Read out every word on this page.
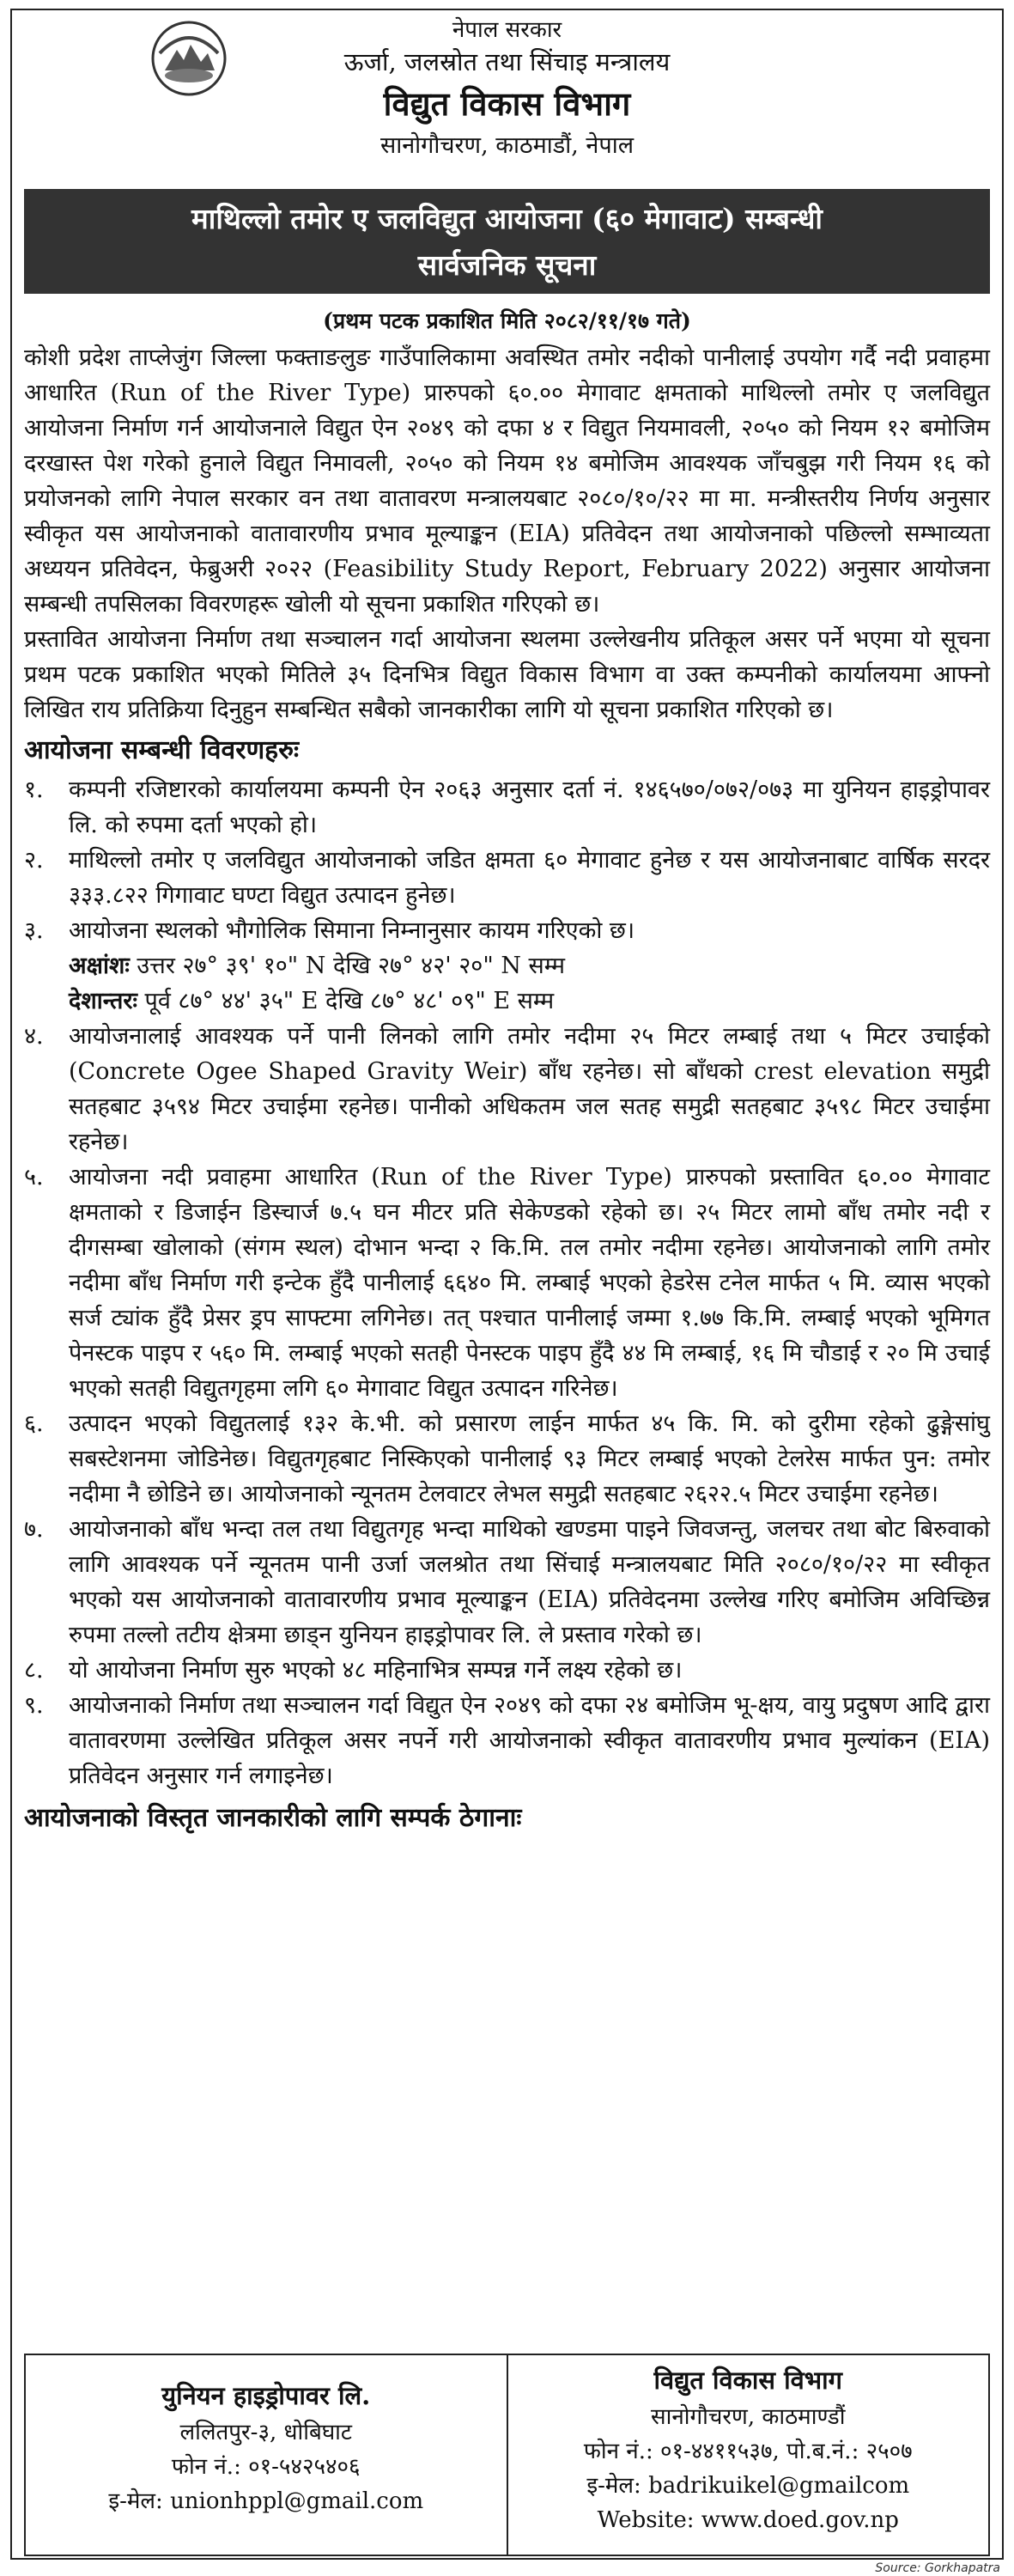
नेपाल सरकार
ऊर्जा, जलस्रोत तथा सिंचाइ मन्त्रालय
विद्युत विकास विभाग
सानोगौचरण, काठमाडौं, नेपाल
माथिल्लो तमोर ए जलविद्युत आयोजना (६० मेगावाट) सम्बन्धी
सार्वजनिक सूचना
(प्रथम पटक प्रकाशित मिति २०८२/११/१७ गते)

कोशी प्रदेश ताप्लेजुंग जिल्ला फक्ताङलुङ गाउँपालिकामा अवस्थित तमोर नदीको पानीलाई उपयोग गर्दै नदी प्रवाहमा आधारित (Run of the River Type) प्रारुपको ६०.०० मेगावाट क्षमताको माथिल्लो तमोर ए जलविद्युत आयोजना निर्माण गर्न आयोजनाले विद्युत ऐन २०४९ को दफा ४ र विद्युत नियमावली, २०५० को नियम १२ बमोजिम दरखास्त पेश गरेको हुनाले विद्युत निमावली, २०५० को नियम १४ बमोजिम आवश्यक जाँचबुझ गरी नियम १६ को प्रयोजनको लागि नेपाल सरकार वन तथा वातावरण मन्त्रालयबाट २०८०/१०/२२ मा मा. मन्त्रीस्तरीय निर्णय अनुसार स्वीकृत यस आयोजनाको वातावारणीय प्रभाव मूल्याङ्कन (EIA) प्रतिवेदन तथा आयोजनाको पछिल्लो सम्भाव्यता अध्ययन प्रतिवेदन, फेब्रुअरी २०२२ (Feasibility Study Report, February 2022) अनुसार आयोजना सम्बन्धी तपसिलका विवरणहरू खोली यो सूचना प्रकाशित गरिएको छ।

प्रस्तावित आयोजना निर्माण तथा सञ्चालन गर्दा आयोजना स्थलमा उल्लेखनीय प्रतिकूल असर पर्ने भएमा यो सूचना प्रथम पटक प्रकाशित भएको मितिले ३५ दिनभित्र विद्युत विकास विभाग वा उक्त कम्पनीको कार्यालयमा आफ्नो लिखित राय प्रतिक्रिया दिनुहुन सम्बन्धित सबैको जानकारीका लागि यो सूचना प्रकाशित गरिएको छ।

आयोजना सम्बन्धी विवरणहरुः
१.	कम्पनी रजिष्टारको कार्यालयमा कम्पनी ऐन २०६३ अनुसार दर्ता नं. १४६५७०/०७२/०७३ मा युनियन हाइड्रोपावर लि. को रुपमा दर्ता भएको हो।
२.	माथिल्लो तमोर ए जलविद्युत आयोजनाको जडित क्षमता ६० मेगावाट हुनेछ र यस आयोजनाबाट वार्षिक सरदर ३३३.८२२ गिगावाट घण्टा विद्युत उत्पादन हुनेछ।
३.	आयोजना स्थलको भौगोलिक सिमाना निम्नानुसार कायम गरिएको छ।
अक्षांशः उत्तर २७° ३९' १०" N देखि २७° ४२' २०" N सम्म
देशान्तरः पूर्व ८७° ४४' ३५" E देखि ८७° ४८' ०९" E सम्म
४.	आयोजनालाई आवश्यक पर्ने पानी लिनको लागि तमोर नदीमा २५ मिटर लम्बाई तथा ५ मिटर उचाईको (Concrete Ogee Shaped Gravity Weir) बाँध रहनेछ। सो बाँधको crest elevation समुद्री सतहबाट ३५९४ मिटर उचाईमा रहनेछ। पानीको अधिकतम जल सतह समुद्री सतहबाट ३५९८ मिटर उचाईमा रहनेछ।
५.	आयोजना नदी प्रवाहमा आधारित (Run of the River Type) प्रारुपको प्रस्तावित ६०.०० मेगावाट क्षमताको र डिजाईन डिस्चार्ज ७.५ घन मीटर प्रति सेकेण्डको रहेको छ। २५ मिटर लामो बाँध तमोर नदी र दीगसम्बा खोलाको (संगम स्थल) दोभान भन्दा २ कि.मि. तल तमोर नदीमा रहनेछ। आयोजनाको लागि तमोर नदीमा बाँध निर्माण गरी इन्टेक हुँदै पानीलाई ६६४० मि. लम्बाई भएको हेडरेस टनेल मार्फत ५ मि. व्यास भएको सर्ज ट्यांक हुँदै प्रेसर ड्रप साफ्टमा लगिनेछ। तत् पश्चात पानीलाई जम्मा १.७७ कि.मि. लम्बाई भएको भूमिगत पेनस्टक पाइप र ५६० मि. लम्बाई भएको सतही पेनस्टक पाइप हुँदै ४४ मि लम्बाई, १६ मि चौडाई र २० मि उचाई भएको सतही विद्युतगृहमा लगि ६० मेगावाट विद्युत उत्पादन गरिनेछ।
६.	उत्पादन भएको विद्युतलाई १३२ के.भी. को प्रसारण लाईन मार्फत ४५ कि. मि. को दुरीमा रहेको ढुङ्गेसांघु सबस्टेशनमा जोडिनेछ। विद्युतगृहबाट निस्किएको पानीलाई ९३ मिटर लम्बाई भएको टेलरेस मार्फत पुन: तमोर नदीमा नै छोडिने छ। आयोजनाको न्यूनतम टेलवाटर लेभल समुद्री सतहबाट २६२२.५ मिटर उचाईमा रहनेछ।
७.	आयोजनाको बाँध भन्दा तल तथा विद्युतगृह भन्दा माथिको खण्डमा पाइने जिवजन्तु, जलचर तथा बोट बिरुवाको लागि आवश्यक पर्ने न्यूनतम पानी उर्जा जलश्रोत तथा सिंचाई मन्त्रालयबाट मिति २०८०/१०/२२ मा स्वीकृत भएको यस आयोजनाको वातावारणीय प्रभाव मूल्याङ्कन (EIA) प्रतिवेदनमा उल्लेख गरिए बमोजिम अविच्छिन्न रुपमा तल्लो तटीय क्षेत्रमा छाड्न युनियन हाइड्रोपावर लि. ले प्रस्ताव गरेको छ।
८.	यो आयोजना निर्माण सुरु भएको ४८ महिनाभित्र सम्पन्न गर्ने लक्ष्य रहेको छ।
९.	आयोजनाको निर्माण तथा सञ्चालन गर्दा विद्युत ऐन २०४९ को दफा २४ बमोजिम भू-क्षय, वायु प्रदुषण आदि द्वारा वातावरणमा उल्लेखित प्रतिकूल असर नपर्ने गरी आयोजनाको स्वीकृत वातावरणीय प्रभाव मुल्यांकन (EIA) प्रतिवेदन अनुसार गर्न लगाइनेछ।
आयोजनाको विस्तृत जानकारीको लागि सम्पर्क ठेगानाः
युनियन हाइड्रोपावर लि.
ललितपुर-३, धोबिघाट
फोन नं.: ०१-५४२५४०६
इ-मेल: unionhppl@gmail.com
विद्युत विकास विभाग
सानोगौचरण, काठमाण्डौं
फोन नं.: ०१-४४११५३७, पो.ब.नं.: २५०७
इ-मेल: badrikuikel@gmailcom
Website: www.doed.gov.np
Source: Gorkhapatra
